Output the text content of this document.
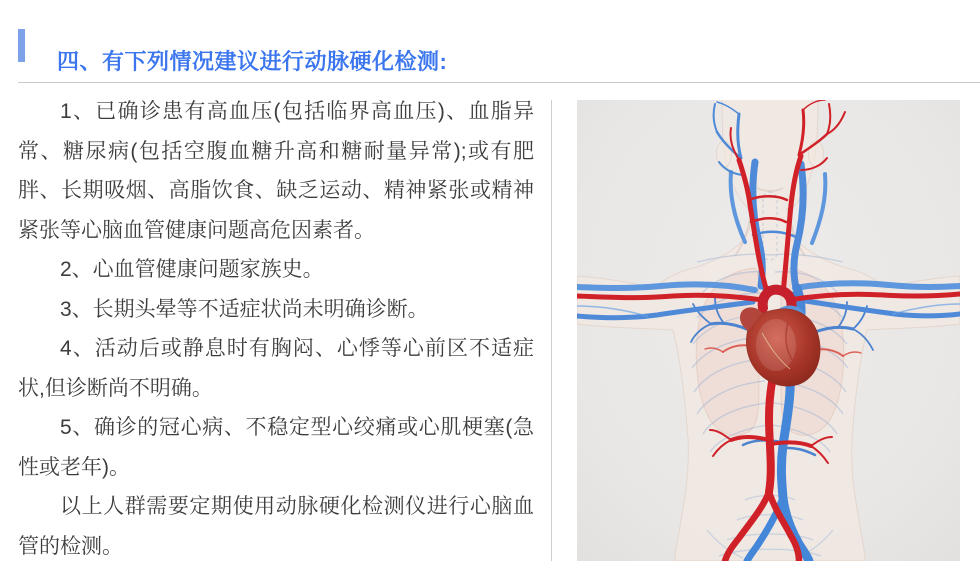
四、有下列情况建议进行动脉硬化检测:

1、已确诊患有高血压(包括临界高血压)、血脂异常、糖尿病(包括空腹血糖升高和糖耐量异常);或有肥胖、长期吸烟、高脂饮食、缺乏运动、精神紧张或精神紧张等心脑血管健康问题高危因素者。

2、心血管健康问题家族史。

3、长期头晕等不适症状尚未明确诊断。

4、活动后或静息时有胸闷、心悸等心前区不适症状,但诊断尚不明确。

5、确诊的冠心病、不稳定型心绞痛或心肌梗塞(急性或老年)。

以上人群需要定期使用动脉硬化检测仪进行心脑血管的检测。
